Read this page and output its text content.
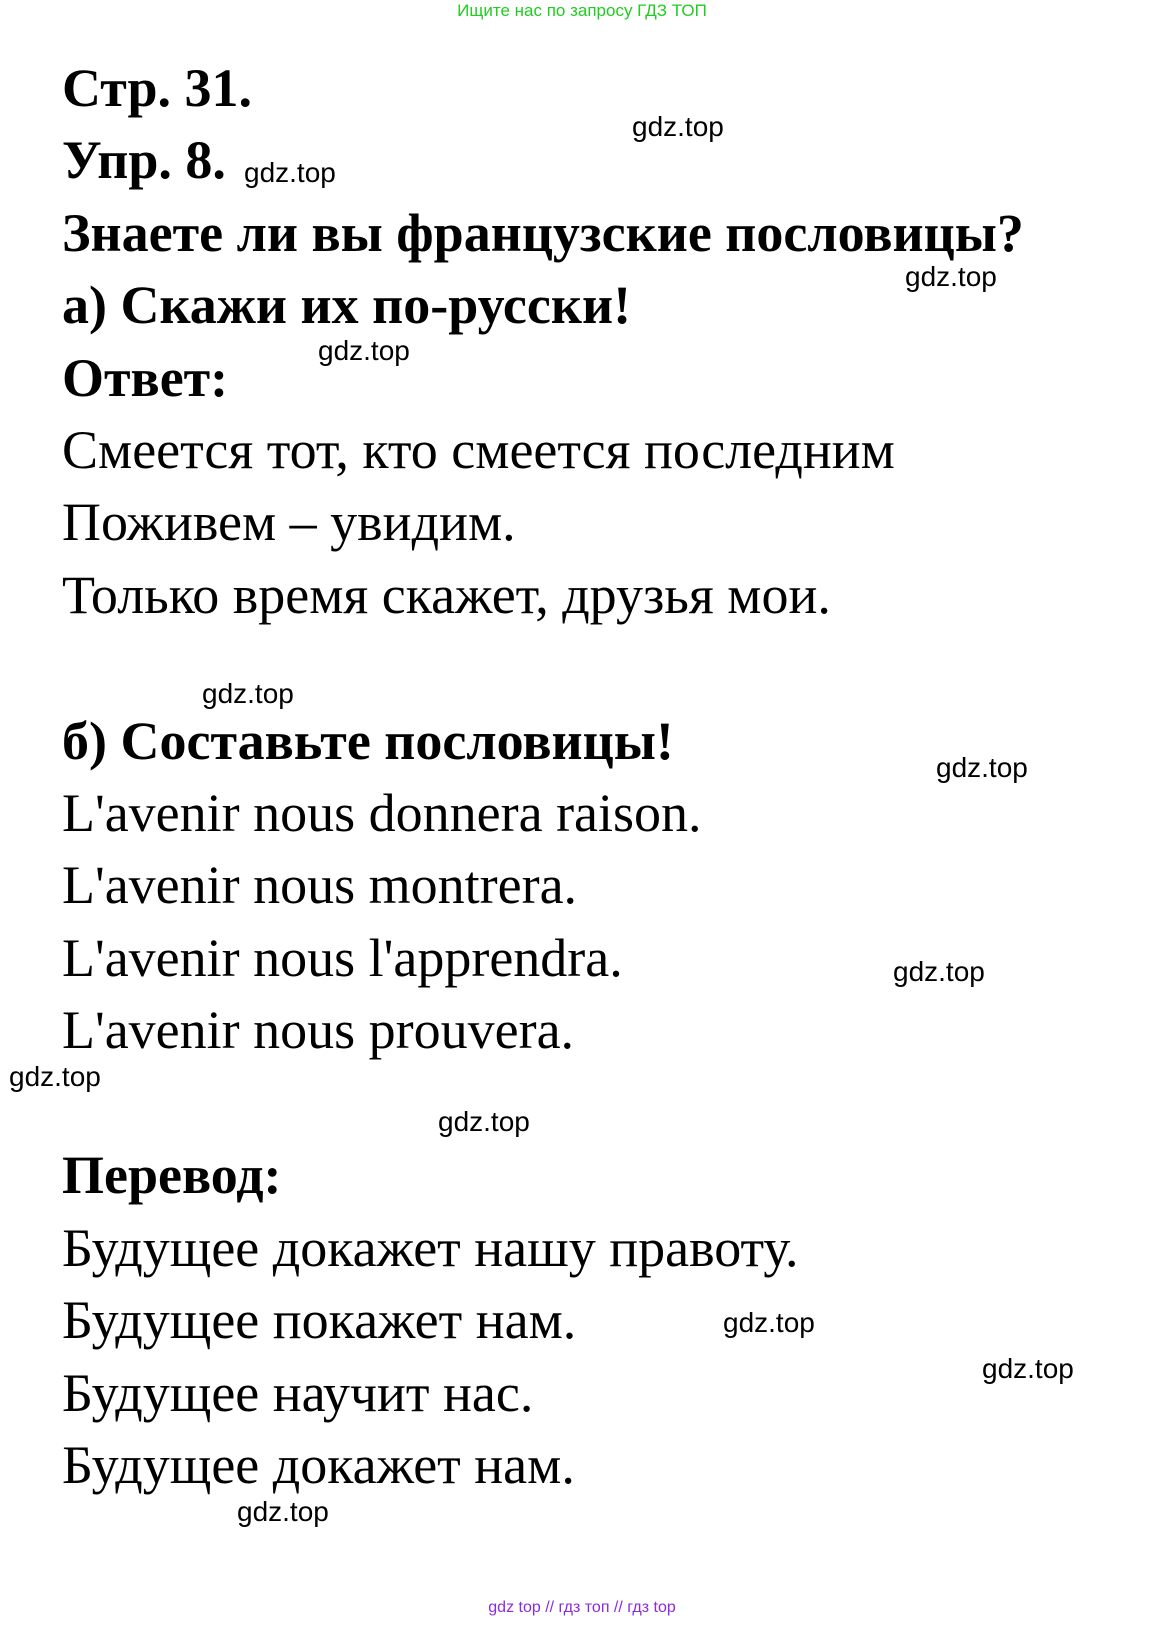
Ищите нас по запросу ГДЗ ТОП
Стр. 31.
Упр. 8.
Знаете ли вы французские пословицы?
а) Скажи их по-русски!
Ответ:
Смеется тот, кто смеется последним
Поживем – увидим.
Только время скажет, друзья мои.
б) Составьте пословицы!
L'avenir nous donnera raison.
L'avenir nous montrera.
L'avenir nous l'apprendra.
L'avenir nous prouvera.
Перевод:
Будущее докажет нашу правоту.
Будущее покажет нам.
Будущее научит нас.
Будущее докажет нам.
gdz.top
gdz.top
gdz.top
gdz.top
gdz.top
gdz.top
gdz.top
gdz.top
gdz.top
gdz.top
gdz.top
gdz.top
gdz top // гдз топ // гдз top
